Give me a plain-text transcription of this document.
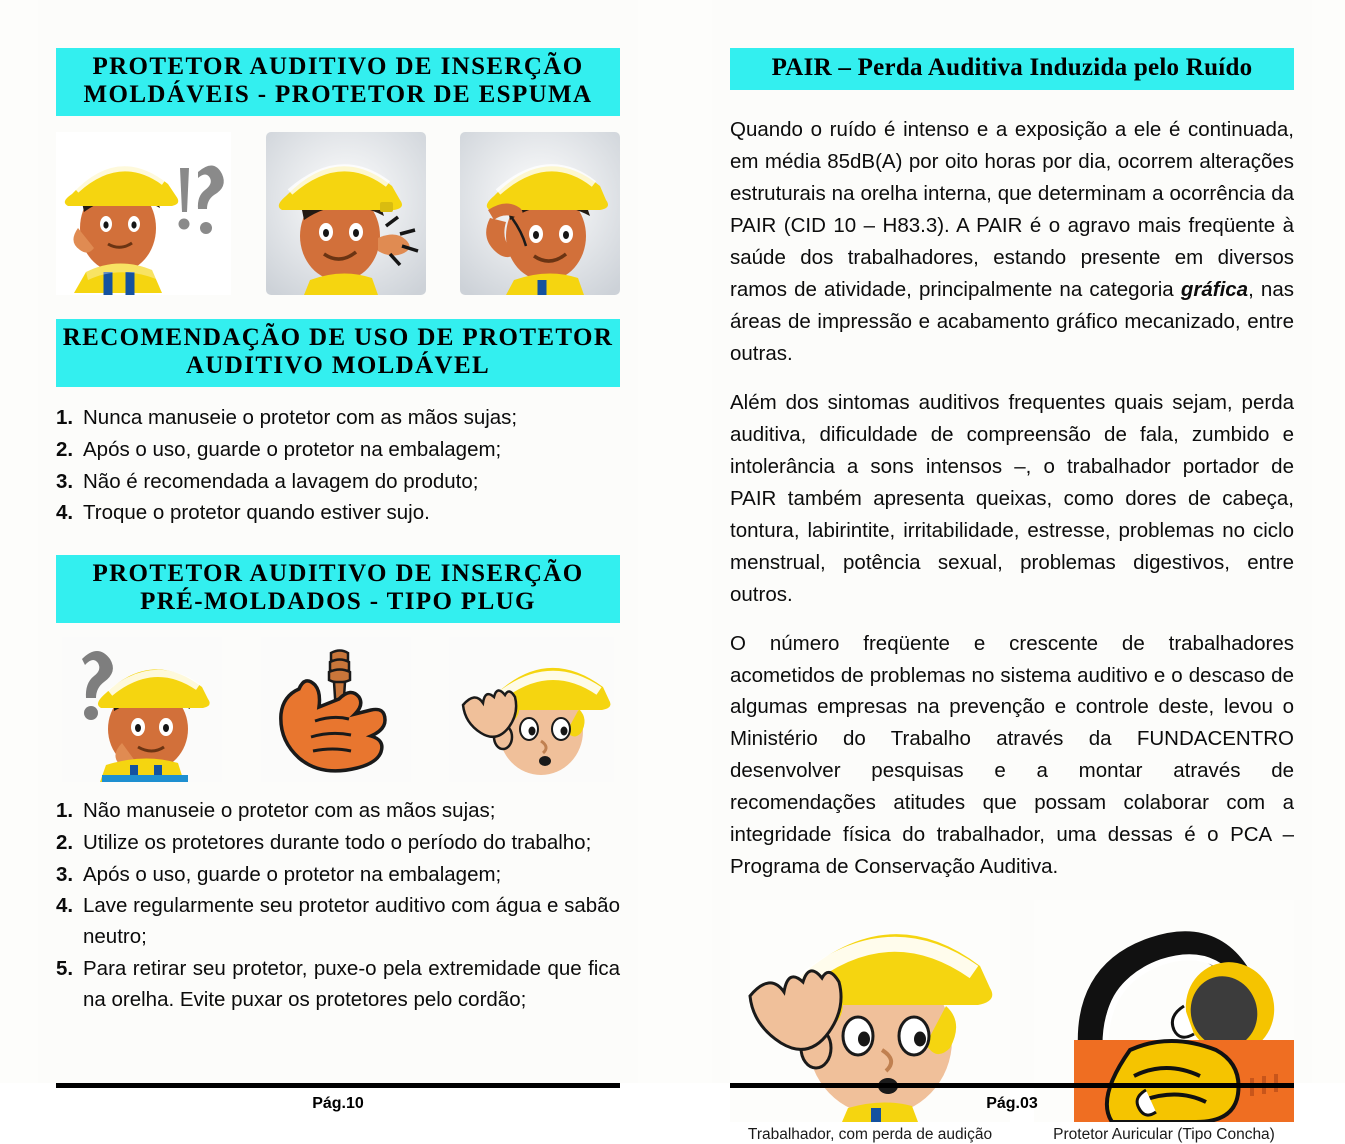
PROTETOR AUDITIVO DE INSERÇÃO
MOLDÁVEIS - PROTETOR DE ESPUMA
RECOMENDAÇÃO DE USO DE PROTETOR
AUDITIVO MOLDÁVEL
1. Nunca manuseie o protetor com as mãos sujas;
2. Após o uso, guarde o protetor na embalagem;
3. Não é recomendada a lavagem do produto;
4. Troque o protetor quando estiver sujo.
PROTETOR AUDITIVO DE INSERÇÃO
PRÉ-MOLDADOS - TIPO PLUG
1. Não manuseie o protetor com as mãos sujas;
2. Utilize os protetores durante todo o período do trabalho;
3. Após o uso, guarde o protetor na embalagem;
4. Lave regularmente seu protetor auditivo com água e sabão neutro;
5. Para retirar seu protetor, puxe-o pela extremidade que fica na orelha. Evite puxar os protetores pelo cordão;
Pág.10
PAIR – Perda Auditiva Induzida pelo Ruído

Quando o ruído é intenso e a exposição a ele é continuada, em média 85dB(A) por oito horas por dia, ocorrem alterações estruturais na orelha interna, que determinam a ocorrência da PAIR (CID 10 – H83.3). A PAIR é o agravo mais freqüente à saúde dos trabalhadores, estando presente em diversos ramos de atividade, principalmente na categoria gráfica, nas áreas de impressão e acabamento gráfico mecanizado, entre outras.

Além dos sintomas auditivos frequentes quais sejam, perda auditiva, dificuldade de compreensão de fala, zumbido e intolerância a sons intensos –, o trabalhador portador de PAIR também apresenta queixas, como dores de cabeça, tontura, labirintite, irritabilidade, estresse, problemas no ciclo menstrual, potência sexual, problemas digestivos, entre outros.

O número freqüente e crescente de trabalhadores acometidos de problemas no sistema auditivo e o descaso de algumas empresas na prevenção e controle deste, levou o Ministério do Trabalho através da FUNDACENTRO desenvolver pesquisas e a montar através de recomendações atitudes que possam colaborar com a integridade física do trabalhador, uma dessas é o PCA – Programa de Conservação Auditiva.

Trabalhador, com perda de audição	Protetor Auricular (Tipo Concha)
Pág.03
